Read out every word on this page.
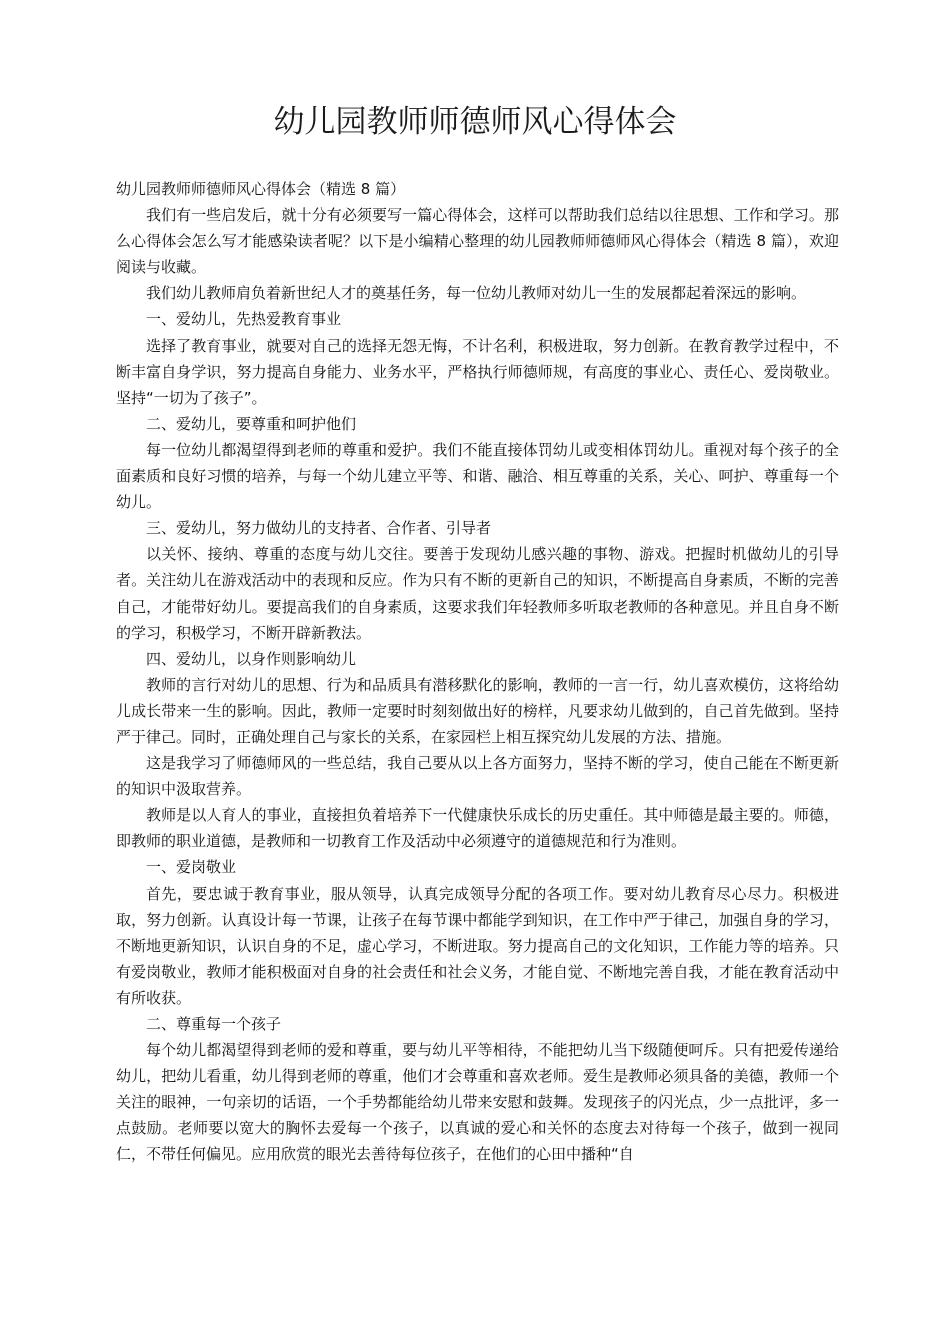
幼儿园教师师德师风心得体会

幼儿园教师师德师风心得体会（精选 8 篇）

我们有一些启发后，就十分有必须要写一篇心得体会，这样可以帮助我们总结以往思想、工作和学习。那么心得体会怎么写才能感染读者呢？以下是小编精心整理的幼儿园教师师德师风心得体会（精选 8 篇），欢迎阅读与收藏。

我们幼儿教师肩负着新世纪人才的奠基任务，每一位幼儿教师对幼儿一生的发展都起着深远的影响。

一、爱幼儿，先热爱教育事业

选择了教育事业，就要对自己的选择无怨无悔，不计名利，积极进取，努力创新。在教育教学过程中，不断丰富自身学识，努力提高自身能力、业务水平，严格执行师德师规，有高度的事业心、责任心、爱岗敬业。坚持“一切为了孩子”。

二、爱幼儿，要尊重和呵护他们

每一位幼儿都渴望得到老师的尊重和爱护。我们不能直接体罚幼儿或变相体罚幼儿。重视对每个孩子的全面素质和良好习惯的培养，与每一个幼儿建立平等、和谐、融洽、相互尊重的关系，关心、呵护、尊重每一个幼儿。

三、爱幼儿，努力做幼儿的支持者、合作者、引导者

以关怀、接纳、尊重的态度与幼儿交往。要善于发现幼儿感兴趣的事物、游戏。把握时机做幼儿的引导者。关注幼儿在游戏活动中的表现和反应。作为只有不断的更新自己的知识，不断提高自身素质，不断的完善自己，才能带好幼儿。要提高我们的自身素质，这要求我们年轻教师多听取老教师的各种意见。并且自身不断的学习，积极学习，不断开辟新教法。

四、爱幼儿，以身作则影响幼儿

教师的言行对幼儿的思想、行为和品质具有潜移默化的影响，教师的一言一行，幼儿喜欢模仿，这将给幼儿成长带来一生的影响。因此，教师一定要时时刻刻做出好的榜样，凡要求幼儿做到的，自己首先做到。坚持严于律己。同时，正确处理自己与家长的关系，在家园栏上相互探究幼儿发展的方法、措施。

这是我学习了师德师风的一些总结，我自己要从以上各方面努力，坚持不断的学习，使自己能在不断更新的知识中汲取营养。

教师是以人育人的事业，直接担负着培养下一代健康快乐成长的历史重任。其中师德是最主要的。师德，即教师的职业道德，是教师和一切教育工作及活动中必须遵守的道德规范和行为准则。

一、爱岗敬业

首先，要忠诚于教育事业，服从领导，认真完成领导分配的各项工作。要对幼儿教育尽心尽力。积极进取，努力创新。认真设计每一节课，让孩子在每节课中都能学到知识，在工作中严于律己，加强自身的学习，不断地更新知识，认识自身的不足，虚心学习，不断进取。努力提高自己的文化知识，工作能力等的培养。只有爱岗敬业，教师才能积极面对自身的社会责任和社会义务，才能自觉、不断地完善自我，才能在教育活动中有所收获。

二、尊重每一个孩子

每个幼儿都渴望得到老师的爱和尊重，要与幼儿平等相待，不能把幼儿当下级随便呵斥。只有把爱传递给幼儿，把幼儿看重，幼儿得到老师的尊重，他们才会尊重和喜欢老师。爱生是教师必须具备的美德，教师一个关注的眼神，一句亲切的话语，一个手势都能给幼儿带来安慰和鼓舞。发现孩子的闪光点，少一点批评，多一点鼓励。老师要以宽大的胸怀去爱每一个孩子，以真诚的爱心和关怀的态度去对待每一个孩子，做到一视同仁，不带任何偏见。应用欣赏的眼光去善待每位孩子，在他们的心田中播种“自
